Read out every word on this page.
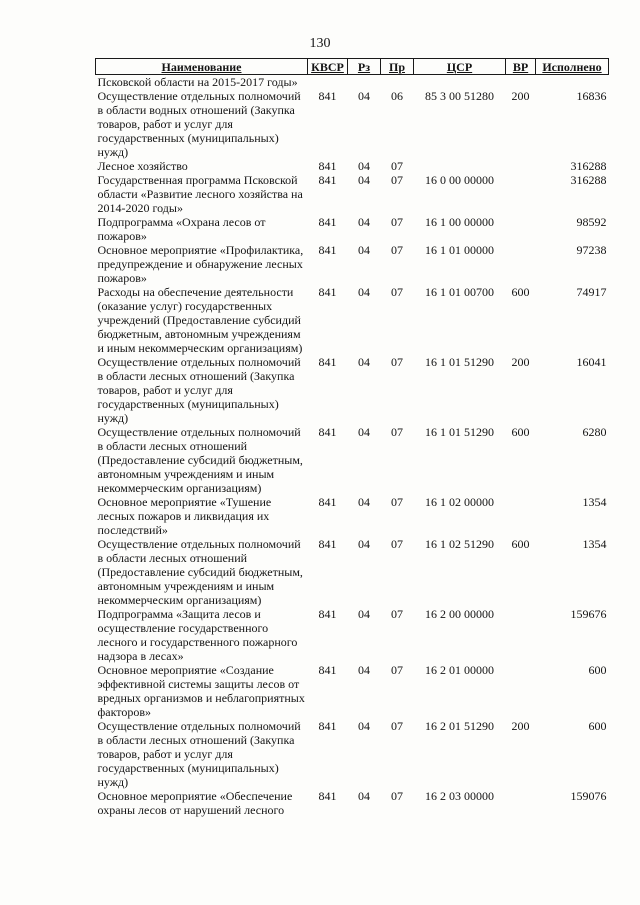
130
Наименование	КВСР	Рз	Пр	ЦСР	ВР	Исполнено
Псковской области на 2015-2017 годы»						
Осуществление отдельных полномочий в области водных отношений (Закупка товаров, работ и услуг для государственных (муниципальных) нужд)	841	04	06	85 3 00 51280	200	16836
Лесное хозяйство	841	04	07			316288
Государственная программа Псковской области «Развитие лесного хозяйства на 2014-2020 годы»	841	04	07	16 0 00 00000		316288
Подпрограмма «Охрана лесов от пожаров»	841	04	07	16 1 00 00000		98592
Основное мероприятие «Профилактика, предупреждение и обнаружение лесных пожаров»	841	04	07	16 1 01 00000		97238
Расходы на обеспечение деятельности (оказание услуг) государственных учреждений (Предоставление субсидий бюджетным, автономным учреждениям и иным некоммерческим организациям)	841	04	07	16 1 01 00700	600	74917
Осуществление отдельных полномочий в области лесных отношений (Закупка товаров, работ и услуг для государственных (муниципальных) нужд)	841	04	07	16 1 01 51290	200	16041
Осуществление отдельных полномочий в области лесных отношений (Предоставление субсидий бюджетным, автономным учреждениям и иным некоммерческим организациям)	841	04	07	16 1 01 51290	600	6280
Основное мероприятие «Тушение лесных пожаров и ликвидация их последствий»	841	04	07	16 1 02 00000		1354
Осуществление отдельных полномочий в области лесных отношений (Предоставление субсидий бюджетным, автономным учреждениям и иным некоммерческим организациям)	841	04	07	16 1 02 51290	600	1354
Подпрограмма «Защита лесов и осуществление государственного лесного и государственного пожарного надзора в лесах»	841	04	07	16 2 00 00000		159676
Основное мероприятие «Создание эффективной системы защиты лесов от вредных организмов и неблагоприятных факторов»	841	04	07	16 2 01 00000		600
Осуществление отдельных полномочий в области лесных отношений (Закупка товаров, работ и услуг для государственных (муниципальных) нужд)	841	04	07	16 2 01 51290	200	600
Основное мероприятие «Обеспечение охраны лесов от нарушений лесного	841	04	07	16 2 03 00000		159076
